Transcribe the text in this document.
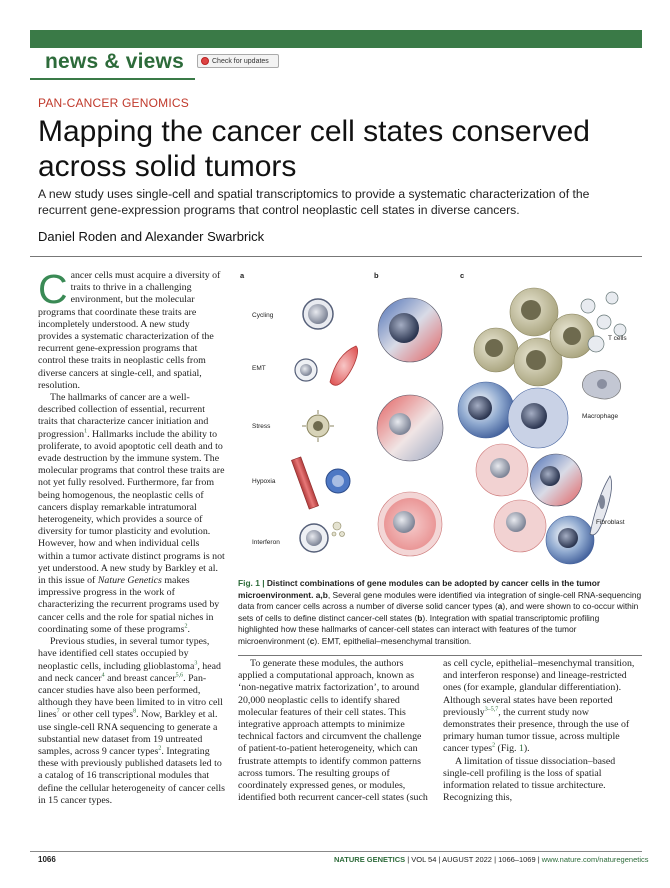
news & views	Check for updates
PAN-CANCER GENOMICS
Mapping the cancer cell states conserved across solid tumors
A new study uses single-cell and spatial transcriptomics to provide a systematic characterization of the recurrent gene-expression programs that control neoplastic cell states in diverse cancers.
Daniel Roden and Alexander Swarbrick

Cancer cells must acquire a diversity of traits to thrive in a challenging environment, but the molecular programs that coordinate these traits are incompletely understood. A new study provides a systematic characterization of the recurrent gene-expression programs that control these traits in neoplastic cells from diverse cancers at single-cell, and spatial, resolution.

The hallmarks of cancer are a well-described collection of essential, recurrent traits that characterize cancer initiation and progression$^1$. Hallmarks include the ability to proliferate, to avoid apoptotic cell death and to evade destruction by the immune system. The molecular programs that control these traits are not yet fully resolved. Furthermore, far from being homogenous, the neoplastic cells of cancers display remarkable intratumoral heterogeneity, which provides a source of diversity for tumor plasticity and evolution. However, how and when individual cells within a tumor activate distinct programs is not yet understood. A new study by Barkley et al. in this issue of Nature Genetics makes impressive progress in the work of characterizing the recurrent programs used by cancer cells and the role for spatial niches in coordinating some of these programs$^2$.

Previous studies, in several tumor types, have identified cell states occupied by neoplastic cells, including glioblastoma$^3$, head and neck cancer$^4$ and breast cancer$^{5,6}$. Pan-cancer studies have also been performed, although they have been limited to in vitro cell lines$^7$ or other cell types$^8$. Now, Barkley et al. use single-cell RNA sequencing to generate a substantial new dataset from 19 untreated samples, across 9 cancer types$^2$. Integrating these with previously published datasets led to a catalog of 16 transcriptional modules that define the cellular heterogeneity of cancer cells in 15 cancer types.

a
Cycling
EMT
Stress
Hypoxia
Interferon
b	c
T cells
Macrophage
Fibroblast
Fig. 1 | Distinct combinations of gene modules can be adopted by cancer cells in the tumor microenvironment. a,b, Several gene modules were identified via integration of single-cell RNA-sequencing data from cancer cells across a number of diverse solid cancer types (a), and were shown to co-occur within sets of cells to define distinct cancer-cell states (b). Integration with spatial transcriptomic profiling highlighted how these hallmarks of cancer-cell states can interact with features of the tumor microenvironment (c). EMT, epithelial–mesenchymal transition.
To generate these modules, the authors applied a computational approach, known as ‘non-negative matrix factorization’, to around 20,000 neoplastic cells to identify shared molecular features of their cell states. This integrative approach attempts to minimize technical factors and circumvent the challenge of patient-to-patient heterogeneity, which can frustrate attempts to identify common patterns across tumors. The resulting groups of coordinately expressed genes, or modules, identified both recurrent cancer-cell states (such

as cell cycle, epithelial–mesenchymal transition, and interferon response) and lineage-restricted ones (for example, glandular differentiation). Although several states have been reported previously$^{3-5,7}$, the current study now demonstrates their presence, through the use of primary human tumor tissue, across multiple cancer types$^2$ (Fig. 1).

A limitation of tissue dissociation–based single-cell profiling is the loss of spatial information related to tissue architecture. Recognizing this,

1066	NATURE GENETICS | VOL 54 | AUGUST 2022 | 1066–1069 | www.nature.com/naturegenetics
